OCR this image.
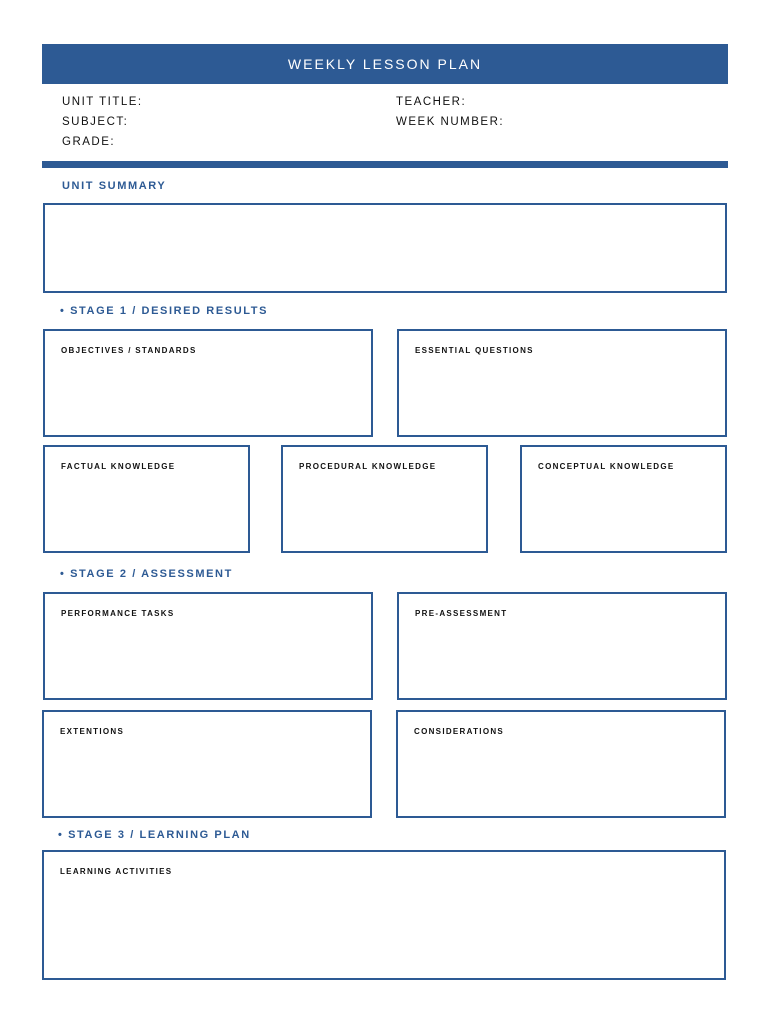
WEEKLY LESSON PLAN
UNIT TITLE:	TEACHER:
SUBJECT:	WEEK NUMBER:
GRADE:
UNIT SUMMARY
• STAGE 1 / DESIRED RESULTS
OBJECTIVES / STANDARDS	ESSENTIAL QUESTIONS
FACTUAL KNOWLEDGE	PROCEDURAL KNOWLEDGE	CONCEPTUAL KNOWLEDGE
• STAGE 2 / ASSESSMENT
PERFORMANCE TASKS	PRE-ASSESSMENT
EXTENTIONS	CONSIDERATIONS
• STAGE 3 / LEARNING PLAN
LEARNING ACTIVITIES
